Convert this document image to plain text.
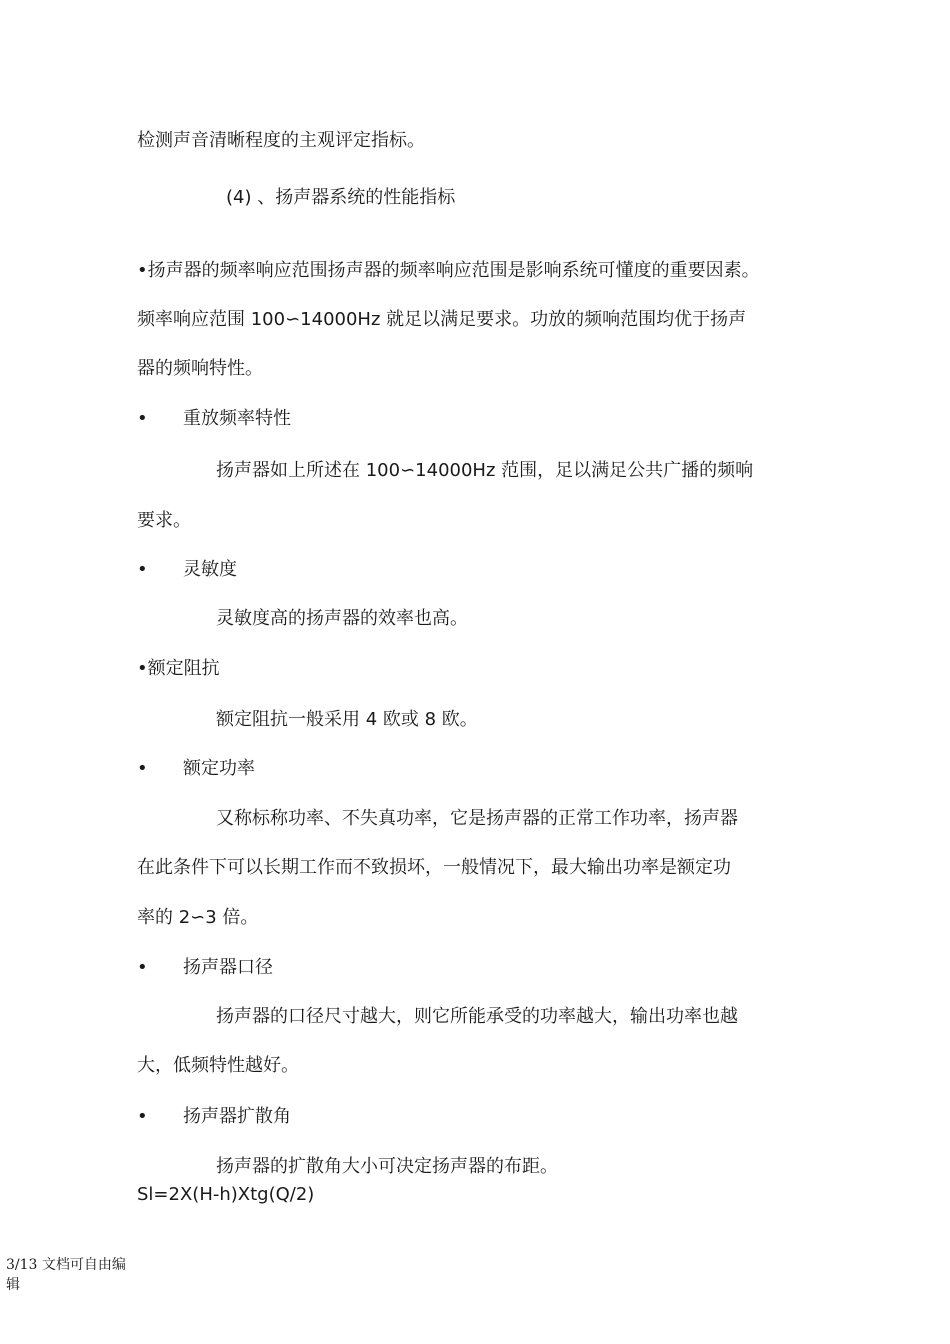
检测声音清晰程度的主观评定指标。
(4) 、扬声器系统的性能指标
•扬声器的频率响应范围扬声器的频率响应范围是影响系统可懂度的重要因素。
频率响应范围 100∽14000Hz 就足以满足要求。功放的频响范围均优于扬声
器的频响特性。
• 重放频率特性
扬声器如上所述在 100∽14000Hz 范围，足以满足公共广播的频响
要求。
• 灵敏度
灵敏度高的扬声器的效率也高。
•额定阻抗
额定阻抗一般采用 4 欧或 8 欧。
• 额定功率
又称标称功率、不失真功率，它是扬声器的正常工作功率，扬声器
在此条件下可以长期工作而不致损坏，一般情况下，最大输出功率是额定功
率的 2∽3 倍。
• 扬声器口径
扬声器的口径尺寸越大，则它所能承受的功率越大，输出功率也越
大，低频特性越好。
• 扬声器扩散角
扬声器的扩散角大小可决定扬声器的布距。
Sl=2X(H-h)Xtg(Q/2)
3/13 文档可自由编
辑
